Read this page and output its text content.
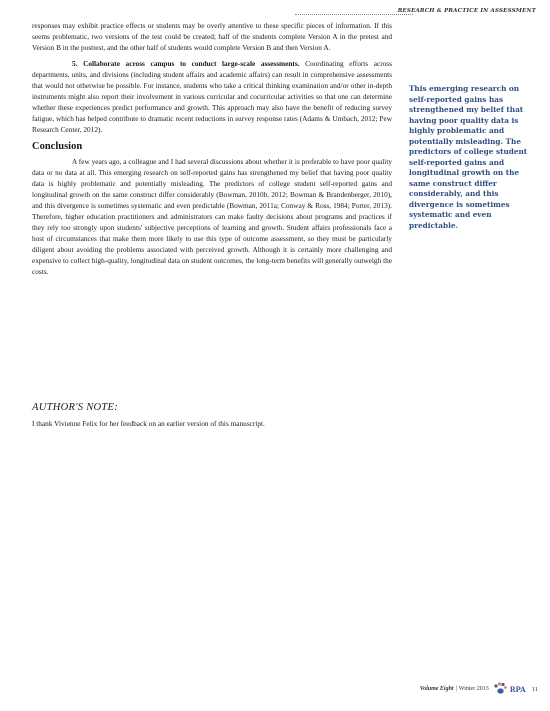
RESEARCH & PRACTICE IN ASSESSMENT

responses may exhibit practice effects or students may be overly attentive to these specific pieces of information. If this seems problematic, two versions of the test could be created; half of the students complete Version A in the pretest and Version B in the posttest, and the other half of students would complete Version B and then Version A.

5. Collaborate across campus to conduct large-scale assessments. Coordinating efforts across departments, units, and divisions (including student affairs and academic affairs) can result in comprehensive assessments that would not otherwise be possible. For instance, students who take a critical thinking examination and/or other in-depth instruments might also report their involvement in various curricular and cocurricular activities so that one can determine whether these experiences predict performance and growth. This approach may also have the benefit of reducing survey fatigue, which has helped contribute to dramatic recent reductions in survey response rates (Adams & Umbach, 2012; Pew Research Center, 2012).

Conclusion

A few years ago, a colleague and I had several discussions about whether it is preferable to have poor quality data or no data at all. This emerging research on self-reported gains has strengthened my belief that having poor quality data is highly problematic and potentially misleading. The predictors of college student self-reported gains and longitudinal growth on the same construct differ considerably (Bowman, 2010b, 2012; Bowman & Brandenberger, 2010), and this divergence is sometimes systematic and even predictable (Bowman, 2011a; Conway & Ross, 1984; Porter, 2013). Therefore, higher education practitioners and administrators can make faulty decisions about programs and practices if they rely too strongly upon students' subjective perceptions of learning and growth. Student affairs professionals face a host of circumstances that make them more likely to use this type of outcome assessment, so they must be particularly diligent about avoiding the problems associated with perceived growth. Although it is certainly more challenging and expensive to collect high-quality, longitudinal data on student outcomes, the long-term benefits will generally outweigh the costs.

This emerging research on self-reported gains has strengthened my belief that having poor quality data is highly problematic and potentially misleading. The predictors of college student self-reported gains and longitudinal growth on the same construct differ considerably, and this divergence is sometimes systematic and even predictable.
AUTHOR'S NOTE:

I thank Vivienne Felix for her feedback on an earlier version of this manuscript.

Volume Eight | Winter 2013	RPA 11
